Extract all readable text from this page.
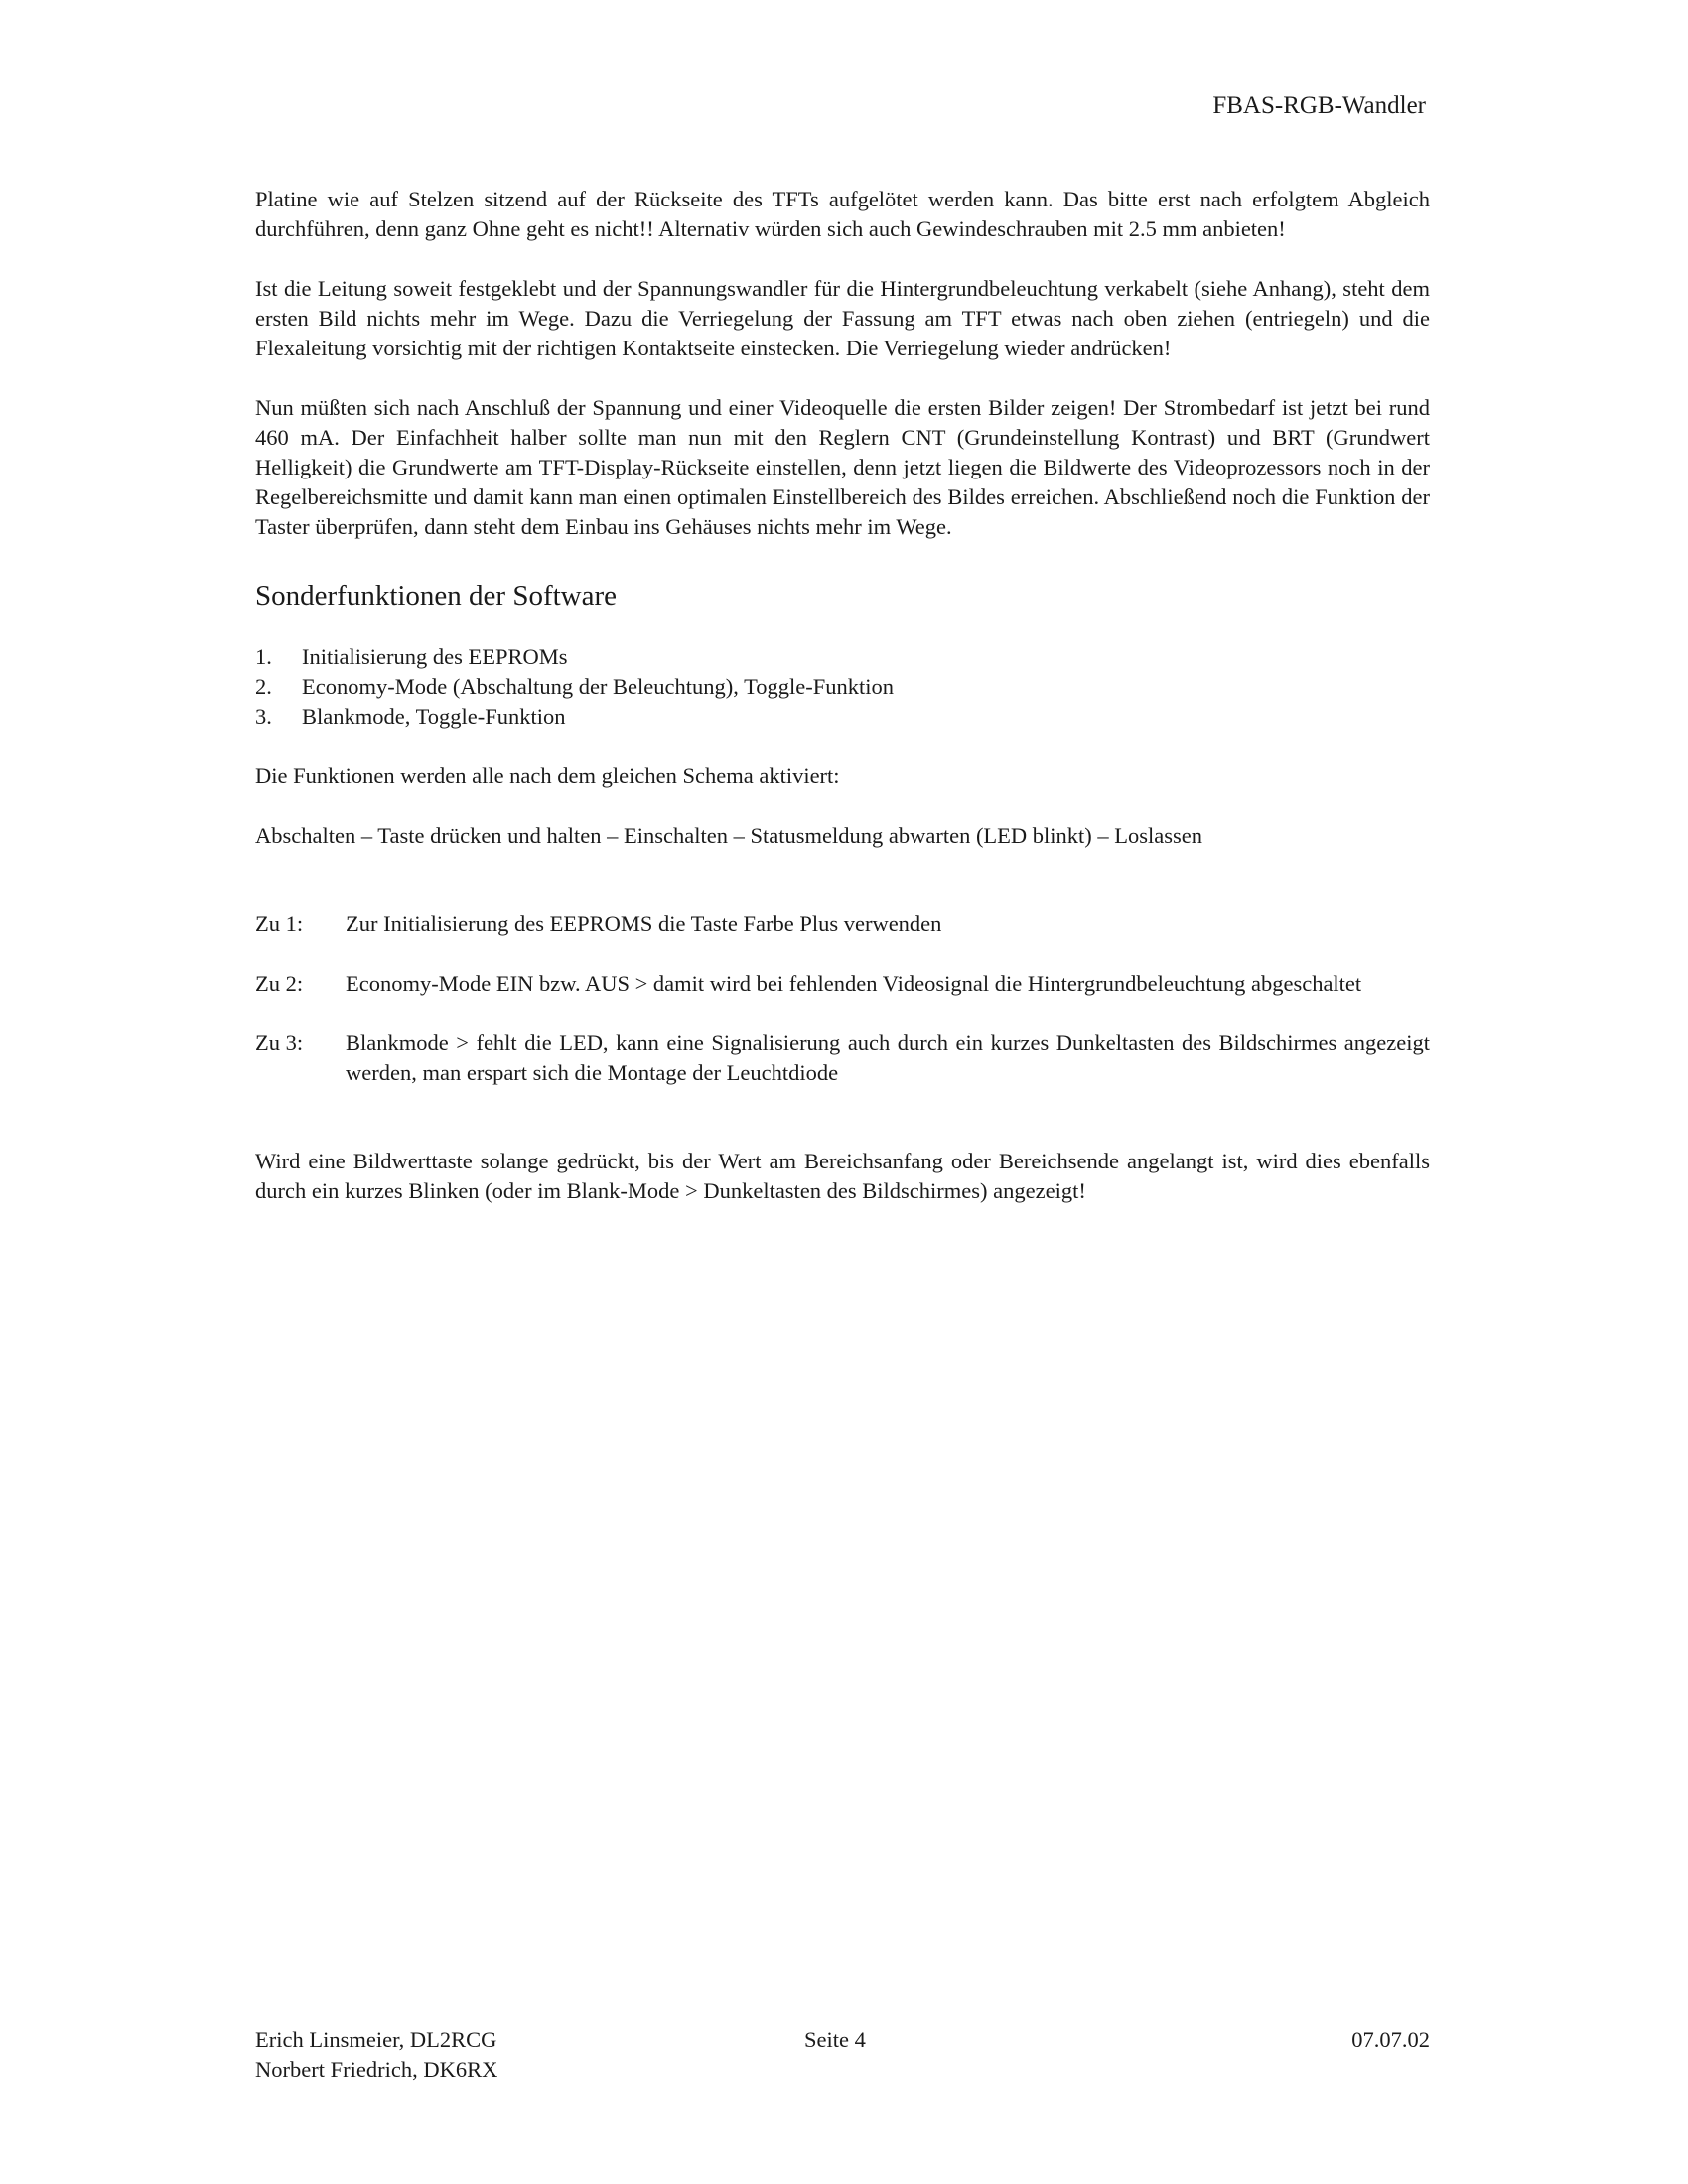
FBAS-RGB-Wandler

Platine wie auf Stelzen sitzend auf der Rückseite des TFTs aufgelötet werden kann. Das bitte erst nach erfolgtem Abgleich durchführen, denn ganz Ohne geht es nicht!! Alternativ würden sich auch Gewindeschrauben mit 2.5 mm anbieten!

Ist die Leitung soweit festgeklebt und der Spannungswandler für die Hintergrundbeleuchtung verkabelt (siehe Anhang), steht dem ersten Bild nichts mehr im Wege. Dazu die Verriegelung der Fassung am TFT etwas nach oben ziehen (entriegeln) und die Flexaleitung vorsichtig mit der richtigen Kontaktseite einstecken. Die Verriegelung wieder andrücken!

Nun müßten sich nach Anschluß der Spannung und einer Videoquelle die ersten Bilder zeigen! Der Strombedarf ist jetzt bei rund 460 mA. Der Einfachheit halber sollte man nun mit den Reglern CNT (Grundeinstellung Kontrast) und BRT (Grundwert Helligkeit) die Grundwerte am TFT-Display-Rückseite einstellen, denn jetzt liegen die Bildwerte des Videoprozessors noch in der Regelbereichsmitte und damit kann man einen optimalen Einstellbereich des Bildes erreichen. Abschließend noch die Funktion der Taster überprüfen, dann steht dem Einbau ins Gehäuses nichts mehr im Wege.

Sonderfunktionen der Software
1.	Initialisierung des EEPROMs
2.	Economy-Mode (Abschaltung der Beleuchtung), Toggle-Funktion
3.	Blankmode, Toggle-Funktion

Die Funktionen werden alle nach dem gleichen Schema aktiviert:

Abschalten – Taste drücken und halten – Einschalten – Statusmeldung abwarten (LED blinkt) – Loslassen

Zu 1:	Zur Initialisierung des EEPROMS die Taste Farbe Plus verwenden
Zu 2:	Economy-Mode EIN bzw. AUS > damit wird bei fehlenden Videosignal die Hintergrundbeleuchtung abgeschaltet
Zu 3:	Blankmode > fehlt die LED, kann eine Signalisierung auch durch ein kurzes Dunkeltasten des Bildschirmes angezeigt werden, man erspart sich die Montage der Leuchtdiode

Wird eine Bildwerttaste solange gedrückt, bis der Wert am Bereichsanfang oder Bereichsende angelangt ist, wird dies ebenfalls durch ein kurzes Blinken (oder im Blank-Mode > Dunkeltasten des Bildschirmes) angezeigt!

Erich Linsmeier, DL2RCG
Norbert Friedrich, DK6RX
Seite 4	07.07.02
